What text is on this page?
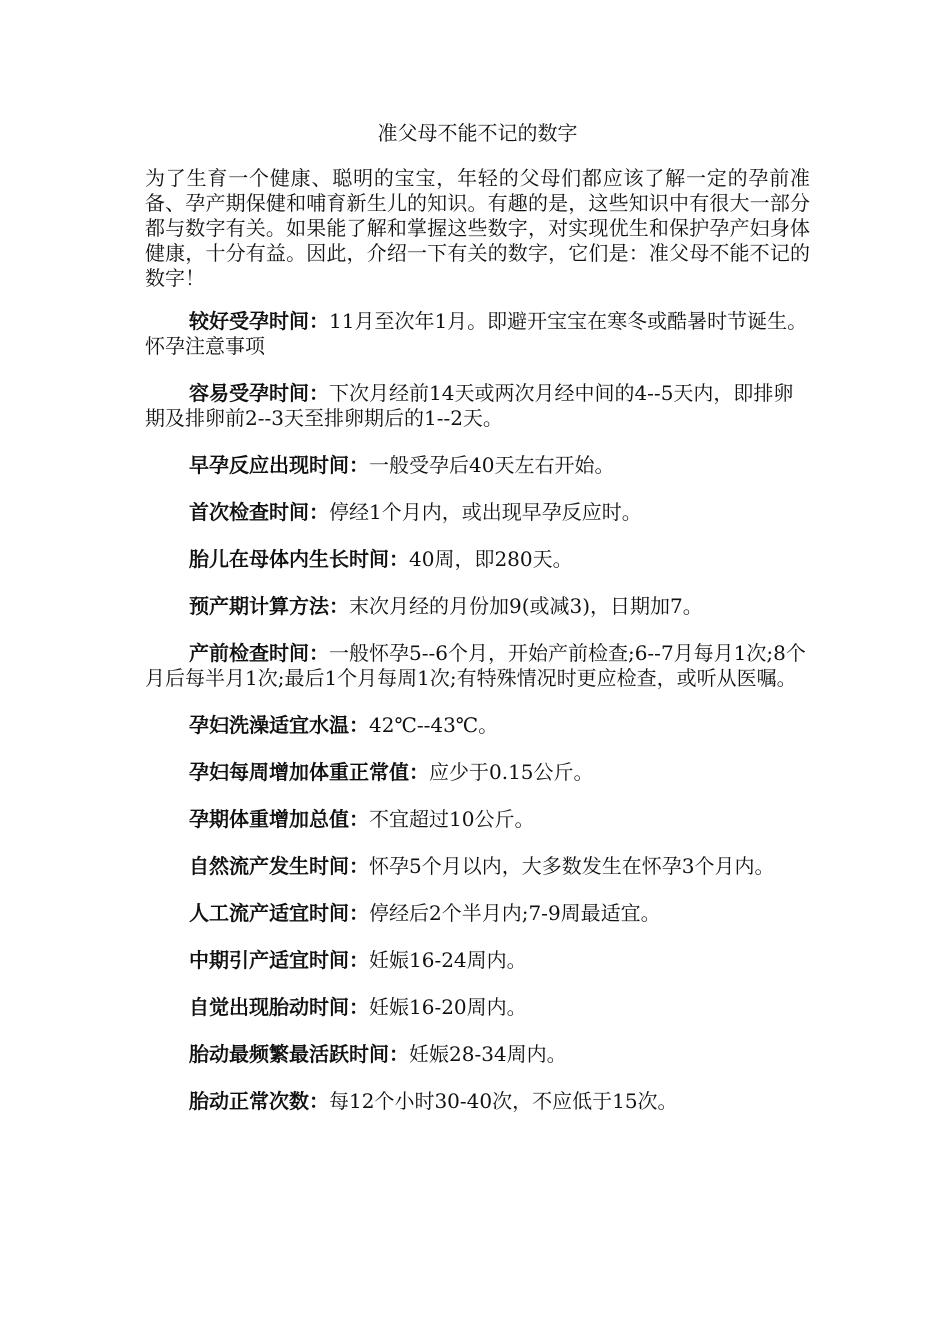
准父母不能不记的数字

为了生育一个健康、聪明的宝宝，年轻的父母们都应该了解一定的孕前准备、孕产期保健和哺育新生儿的知识。有趣的是，这些知识中有很大一部分都与数字有关。如果能了解和掌握这些数字，对实现优生和保护孕产妇身体健康，十分有益。因此，介绍一下有关的数字，它们是：准父母不能不记的数字！

较好受孕时间：11月至次年1月。即避开宝宝在寒冬或酷暑时节诞生。怀孕注意事项

容易受孕时间：下次月经前14天或两次月经中间的4--5天内，即排卵期及排卵前2--3天至排卵期后的1--2天。

早孕反应出现时间：一般受孕后40天左右开始。

首次检查时间：停经1个月内，或出现早孕反应时。

胎儿在母体内生长时间：40周，即280天。

预产期计算方法：末次月经的月份加9(或减3)，日期加7。

产前检查时间：一般怀孕5--6个月，开始产前检查;6--7月每月1次;8个月后每半月1次;最后1个月每周1次;有特殊情况时更应检查，或听从医嘱。

孕妇洗澡适宜水温：42℃--43℃。

孕妇每周增加体重正常值：应少于0.15公斤。

孕期体重增加总值：不宜超过10公斤。

自然流产发生时间：怀孕5个月以内，大多数发生在怀孕3个月内。

人工流产适宜时间：停经后2个半月内;7-9周最适宜。

中期引产适宜时间：妊娠16-24周内。

自觉出现胎动时间：妊娠16-20周内。

胎动最频繁最活跃时间：妊娠28-34周内。

胎动正常次数：每12个小时30-40次，不应低于15次。
